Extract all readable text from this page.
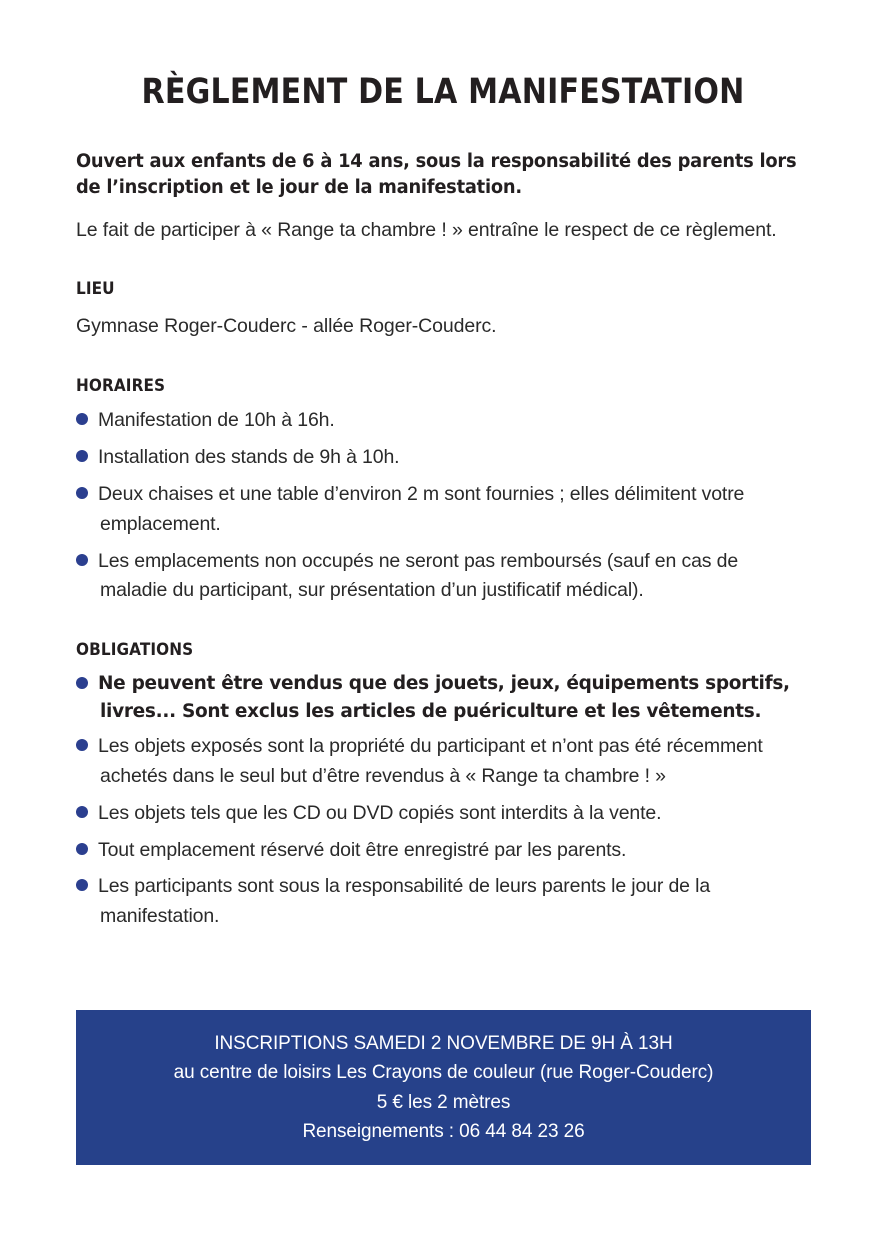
RÈGLEMENT DE LA MANIFESTATION

Ouvert aux enfants de 6 à 14 ans, sous la responsabilité des parents lors de l’inscription et le jour de la manifestation.

Le fait de participer à « Range ta chambre ! » entraîne le respect de ce règlement.

LIEU

Gymnase Roger-Couderc - allée Roger-Couderc.

HORAIRES
Manifestation de 10h à 16h.
Installation des stands de 9h à 10h.
Deux chaises et une table d’environ 2 m sont fournies ; elles délimitent votre emplacement.
Les emplacements non occupés ne seront pas remboursés (sauf en cas de maladie du participant, sur présentation d’un justificatif médical).
OBLIGATIONS
Ne peuvent être vendus que des jouets, jeux, équipements sportifs, livres... Sont exclus les articles de puériculture et les vêtements.
Les objets exposés sont la propriété du participant et n’ont pas été récemment achetés dans le seul but d’être revendus à « Range ta chambre ! »
Les objets tels que les CD ou DVD copiés sont interdits à la vente.
Tout emplacement réservé doit être enregistré par les parents.
Les participants sont sous la responsabilité de leurs parents le jour de la manifestation.
INSCRIPTIONS SAMEDI 2 NOVEMBRE DE 9H À 13H
au centre de loisirs Les Crayons de couleur (rue Roger-Couderc)
5 € les 2 mètres
Renseignements : 06 44 84 23 26
